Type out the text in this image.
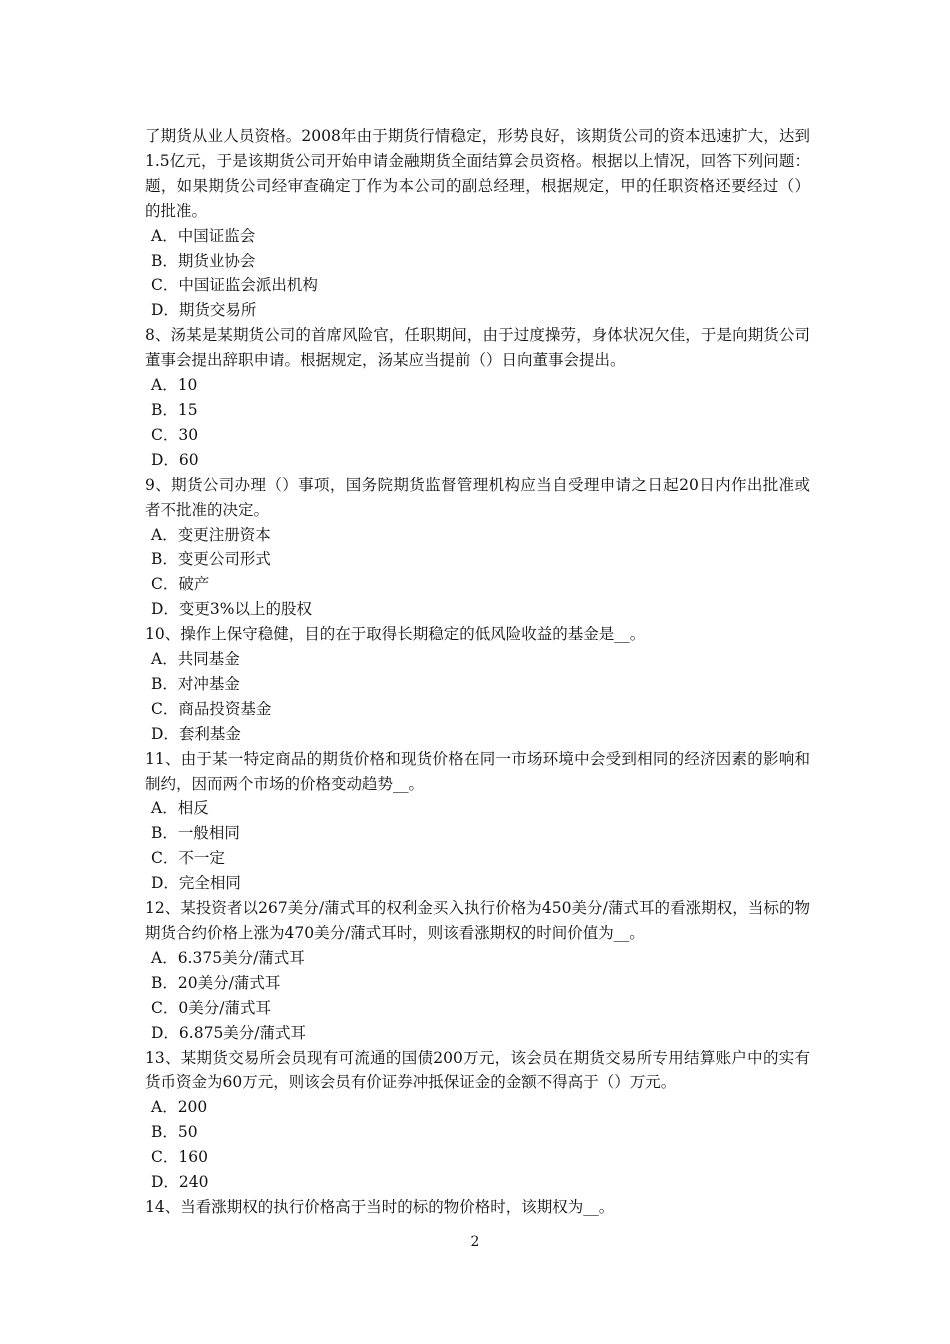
了期货从业人员资格。2008年由于期货行情稳定，形势良好，该期货公司的资本迅速扩大，达到1.5亿元，于是该期货公司开始申请金融期货全面结算会员资格。根据以上情况，回答下列问题： 题，如果期货公司经审查确定丁作为本公司的副总经理，根据规定，甲的任职资格还要经过（）的批准。

A．中国证监会

B．期货业协会

C．中国证监会派出机构

D．期货交易所

8、汤某是某期货公司的首席风险官，任职期间，由于过度操劳，身体状况欠佳，于是向期货公司董事会提出辞职申请。根据规定，汤某应当提前（）日向董事会提出。

A．10

B．15

C．30

D．60

9、期货公司办理（）事项，国务院期货监督管理机构应当自受理申请之日起20日内作出批准或者不批准的决定。

A．变更注册资本

B．变更公司形式

C．破产

D．变更3%以上的股权

10、操作上保守稳健，目的在于取得长期稳定的低风险收益的基金是__。

A．共同基金

B．对冲基金

C．商品投资基金

D．套利基金

11、由于某一特定商品的期货价格和现货价格在同一市场环境中会受到相同的经济因素的影响和制约，因而两个市场的价格变动趋势__。

A．相反

B．一般相同

C．不一定

D．完全相同

12、某投资者以267美分/蒲式耳的权利金买入执行价格为450美分/蒲式耳的看涨期权，当标的物期货合约价格上涨为470美分/蒲式耳时，则该看涨期权的时间价值为__。

A．6.375美分/蒲式耳

B．20美分/蒲式耳

C．0美分/蒲式耳

D．6.875美分/蒲式耳

13、某期货交易所会员现有可流通的国债200万元，该会员在期货交易所专用结算账户中的实有货币资金为60万元，则该会员有价证券冲抵保证金的金额不得高于（）万元。

A．200

B．50

C．160

D．240

14、当看涨期权的执行价格高于当时的标的物价格时，该期权为__。

2
